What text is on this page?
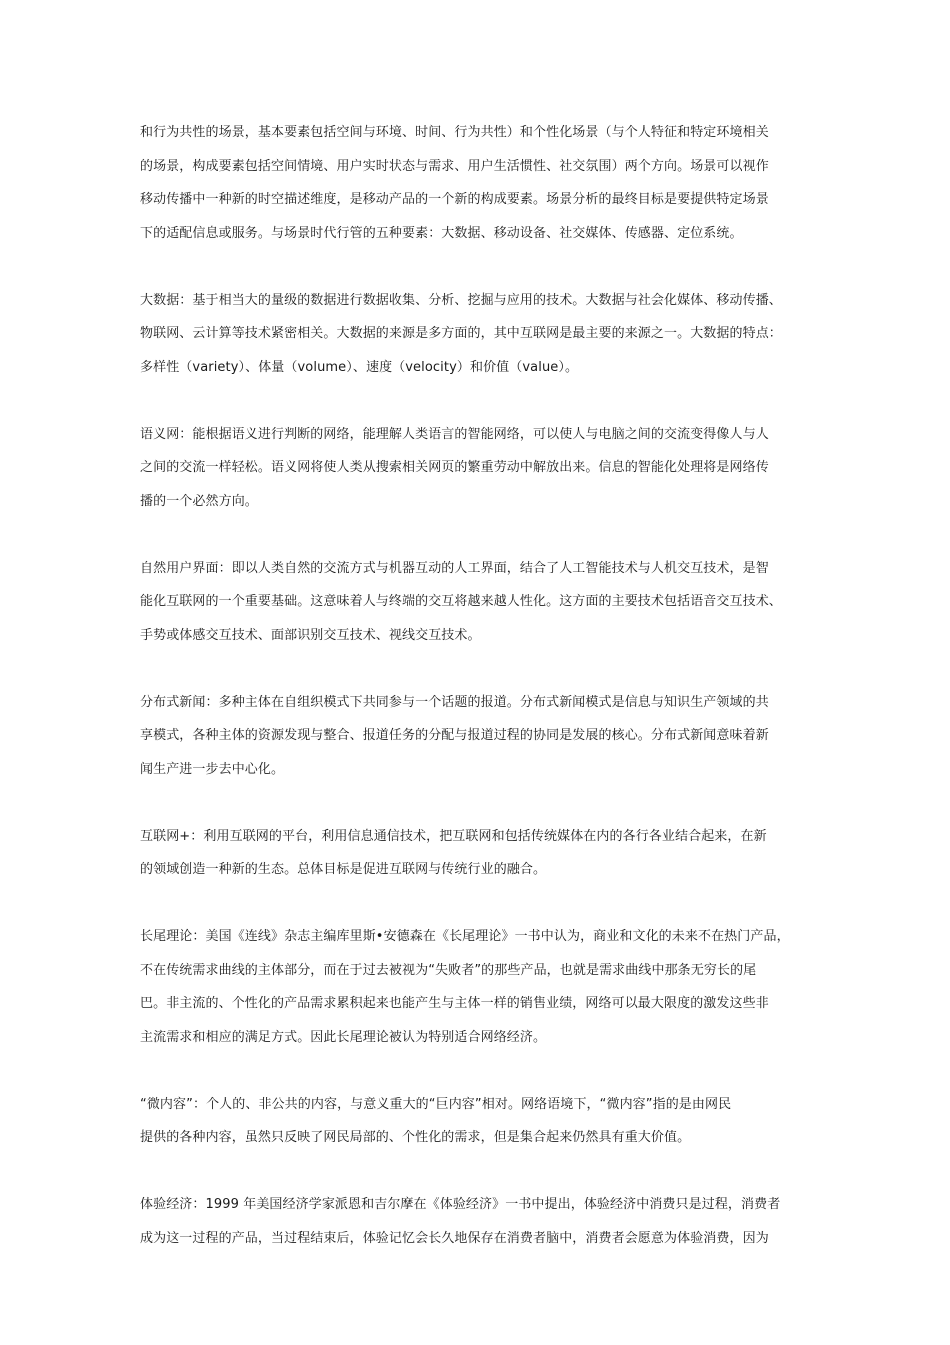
和行为共性的场景，基本要素包括空间与环境、时间、行为共性）和个性化场景（与个人特征和特定环境相关
的场景，构成要素包括空间情境、用户实时状态与需求、用户生活惯性、社交氛围）两个方向。场景可以视作
移动传播中一种新的时空描述维度，是移动产品的一个新的构成要素。场景分析的最终目标是要提供特定场景
下的适配信息或服务。与场景时代行管的五种要素：大数据、移动设备、社交媒体、传感器、定位系统。

大数据：基于相当大的量级的数据进行数据收集、分析、挖掘与应用的技术。大数据与社会化媒体、移动传播、
物联网、云计算等技术紧密相关。大数据的来源是多方面的，其中互联网是最主要的来源之一。大数据的特点：
多样性（variety）、体量（volume）、速度（velocity）和价值（value）。

语义网：能根据语义进行判断的网络，能理解人类语言的智能网络，可以使人与电脑之间的交流变得像人与人
之间的交流一样轻松。语义网将使人类从搜索相关网页的繁重劳动中解放出来。信息的智能化处理将是网络传
播的一个必然方向。

自然用户界面：即以人类自然的交流方式与机器互动的人工界面，结合了人工智能技术与人机交互技术，是智
能化互联网的一个重要基础。这意味着人与终端的交互将越来越人性化。这方面的主要技术包括语音交互技术、
手势或体感交互技术、面部识别交互技术、视线交互技术。

分布式新闻：多种主体在自组织模式下共同参与一个话题的报道。分布式新闻模式是信息与知识生产领域的共
享模式，各种主体的资源发现与整合、报道任务的分配与报道过程的协同是发展的核心。分布式新闻意味着新
闻生产进一步去中心化。

互联网+：利用互联网的平台，利用信息通信技术，把互联网和包括传统媒体在内的各行各业结合起来，在新
的领域创造一种新的生态。总体目标是促进互联网与传统行业的融合。

长尾理论：美国《连线》杂志主编库里斯•安德森在《长尾理论》一书中认为，商业和文化的未来不在热门产品，
不在传统需求曲线的主体部分，而在于过去被视为“失败者”的那些产品，也就是需求曲线中那条无穷长的尾
巴。非主流的、个性化的产品需求累积起来也能产生与主体一样的销售业绩，网络可以最大限度的激发这些非
主流需求和相应的满足方式。因此长尾理论被认为特别适合网络经济。

“微内容”：个人的、非公共的内容，与意义重大的“巨内容”相对。网络语境下，“微内容”指的是由网民
提供的各种内容，虽然只反映了网民局部的、个性化的需求，但是集合起来仍然具有重大价值。

体验经济：1999 年美国经济学家派恩和吉尔摩在《体验经济》一书中提出，体验经济中消费只是过程，消费者
成为这一过程的产品，当过程结束后，体验记忆会长久地保存在消费者脑中，消费者会愿意为体验消费，因为
